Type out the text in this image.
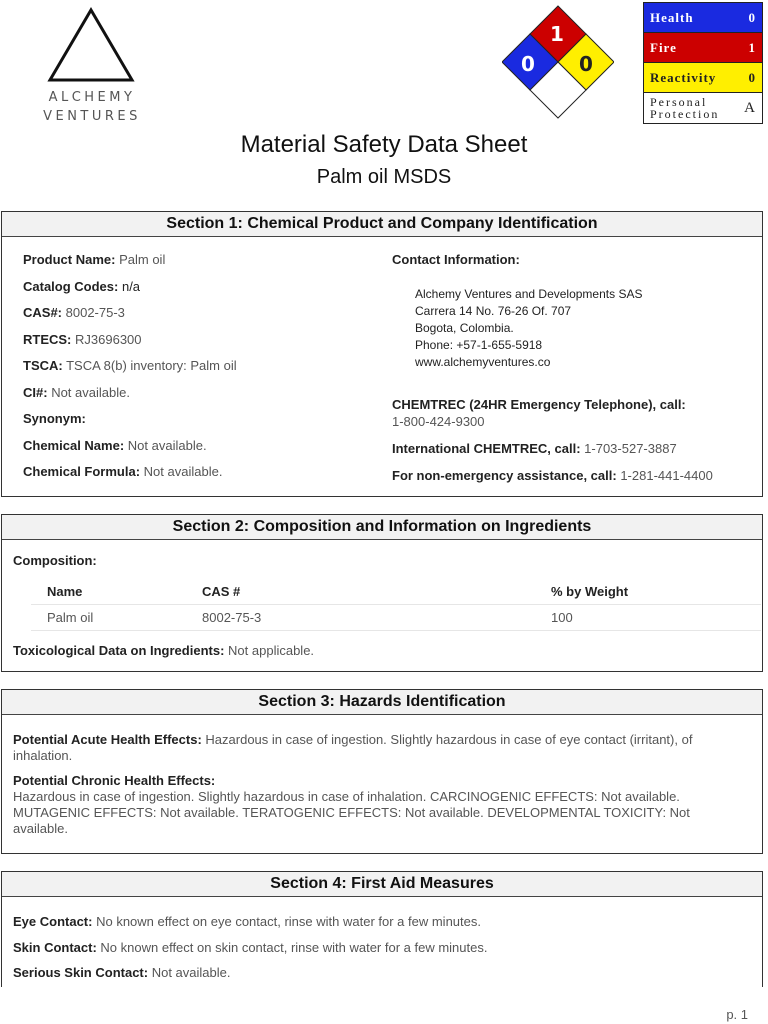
ALCHEMY
VENTURES
1
0	0
Health	0
Fire	1
Reactivity 0
Personal
Protection A
Material Safety Data Sheet
Palm oil MSDS
Section 1: Chemical Product and Company Identification
Product Name: Palm oil
Catalog Codes: n/a
CAS#: 8002-75-3
RTECS: RJ3696300
TSCA: TSCA 8(b) inventory: Palm oil
CI#: Not available.
Synonym:
Chemical Name: Not available.
Chemical Formula: Not available.
Contact Information:
Alchemy Ventures and Developments SAS
Carrera 14 No. 76-26 Of. 707
Bogota, Colombia.
Phone: +57-1-655-5918
www.alchemyventures.co
CHEMTREC (24HR Emergency Telephone), call:
1-800-424-9300
International CHEMTREC, call: 1-703-527-3887
For non-emergency assistance, call: 1-281-441-4400
Section 2: Composition and Information on Ingredients
Composition:
Name	CAS #	% by Weight
Palm oil	8002-75-3	100
Toxicological Data on Ingredients: Not applicable.
Section 3: Hazards Identification
Potential Acute Health Effects: Hazardous in case of ingestion. Slightly hazardous in case of eye contact (irritant), of inhalation.
Potential Chronic Health Effects:
Hazardous in case of ingestion. Slightly hazardous in case of inhalation. CARCINOGENIC EFFECTS: Not available. MUTAGENIC EFFECTS: Not available. TERATOGENIC EFFECTS: Not available. DEVELOPMENTAL TOXICITY: Not available.
Section 4: First Aid Measures
Eye Contact: No known effect on eye contact, rinse with water for a few minutes.
Skin Contact: No known effect on skin contact, rinse with water for a few minutes.
Serious Skin Contact: Not available.
p. 1
